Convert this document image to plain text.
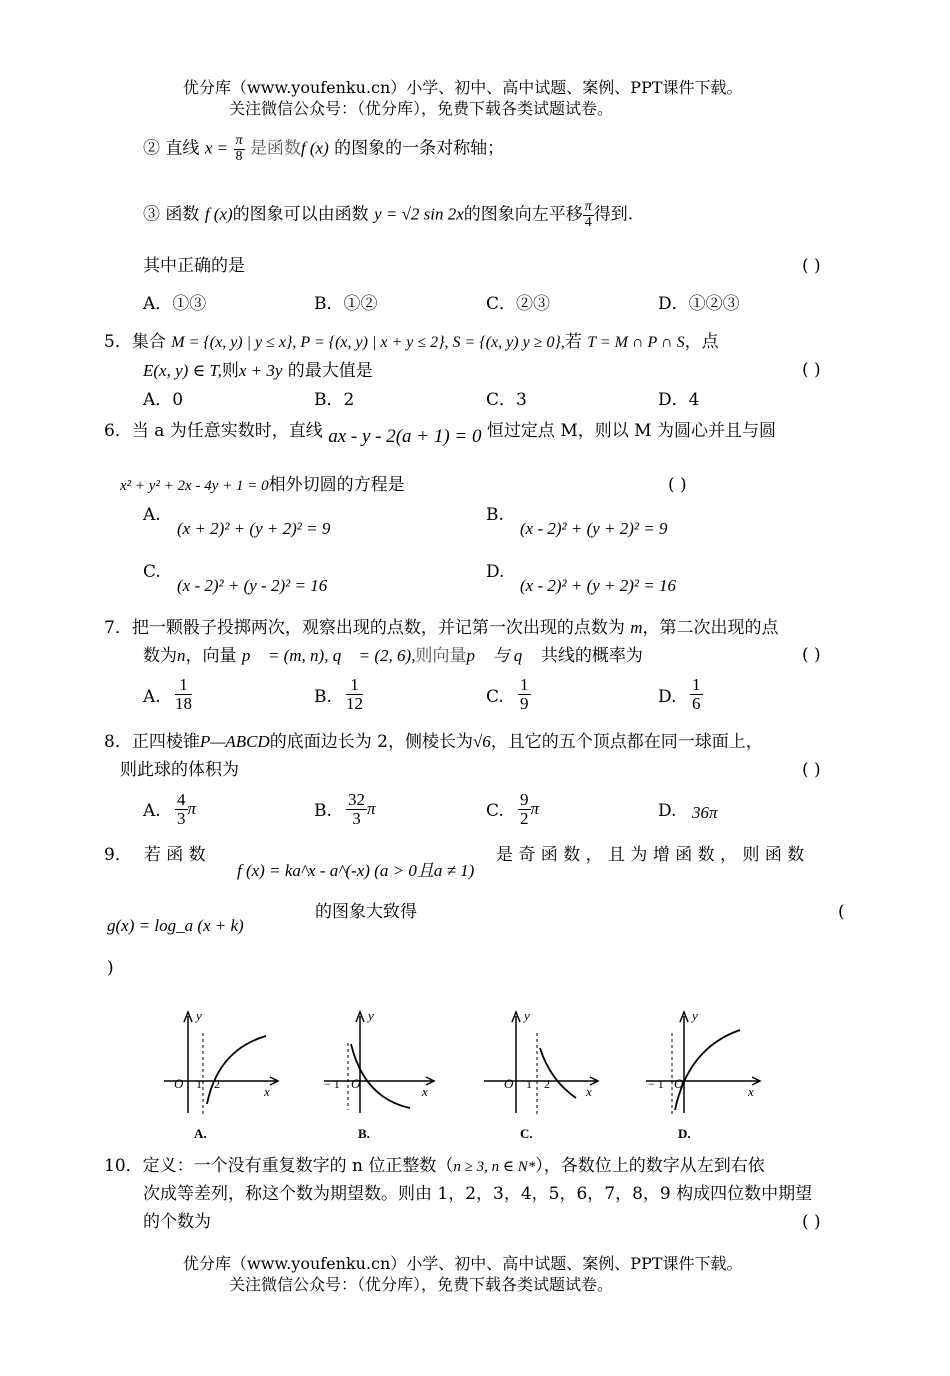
优分库（www.youfenku.cn）小学、初中、高中试题、案例、PPT课件下载。
关注微信公众号：（优分库），免费下载各类试题试卷。
② 直线 $x = \frac{\pi}{8}$ 是函数f (x) 的图象的一条对称轴；
③ 函数 f (x)的图象可以由函数 y = √2 sin 2x的图象向左平移 $\frac{\pi}{4}$ 得到.
其中正确的是	( )
A．①③	B．①②	C．②③	D．①②③
5．集合 M = {(x, y) | y ≤ x}, P = {(x, y) | x + y ≤ 2}, S = {(x, y) y ≥ 0},若 T = M ∩ P ∩ S，点
E(x, y) ∈ T,则x + 3y 的最大值是	( )
A．0	B．2	C．3	D．4
6．当 a 为任意实数时，直线 ax - y - 2(a + 1) = 0 恒过定点 M，则以 M 为圆心并且与圆
x² + y² + 2x - 4y + 1 = 0相外切圆的方程是	( )
A.
(x + 2)² + (y + 2)² = 9
B.
(x - 2)² + (y + 2)² = 9
C.
(x - 2)² + (y - 2)² = 16
D.
(x - 2)² + (y + 2)² = 16
7．把一颗骰子投掷两次，观察出现的点数，并记第一次出现的点数为 m，第二次出现的点
数为n，向量 p⃗ = (m, n), q⃗ = (2, 6),则向量p⃗ 与 q⃗ 共线的概率为	( )
A. $\frac{1}{18}$	B. $\frac{1}{12}$	C. $\frac{1}{9}$	D. $\frac{1}{6}$
8．正四棱锥P—ABCD的底面边长为 2，侧棱长为√6，且它的五个顶点都在同一球面上，
则此球的体积为	( )
A. $\frac{4}{3}$ π	B. $\frac{32}{3}$ π	C. $\frac{9}{2}$ π	D. 36π
9． 若 函 数
f (x) = ka^x - a^(-x) (a > 0且a ≠ 1)
是 奇 函 数 ， 且 为 增 函 数 ， 则 函 数
g(x) = log_a (x + k)
的图象大致得	(
)
y
x
O 1 2
A.
y
x
− 1 O
B.
y
x
O 1 2
C.
y
x
− 1 O
D.
10．定义：一个没有重复数字的 n 位正整数（n ≥ 3, n ∈ N*），各数位上的数字从左到右依
次成等差列，称这个数为期望数。则由 1，2，3，4，5，6，7，8，9 构成四位数中期望
的个数为	( )
优分库（www.youfenku.cn）小学、初中、高中试题、案例、PPT课件下载。
关注微信公众号：（优分库），免费下载各类试题试卷。
